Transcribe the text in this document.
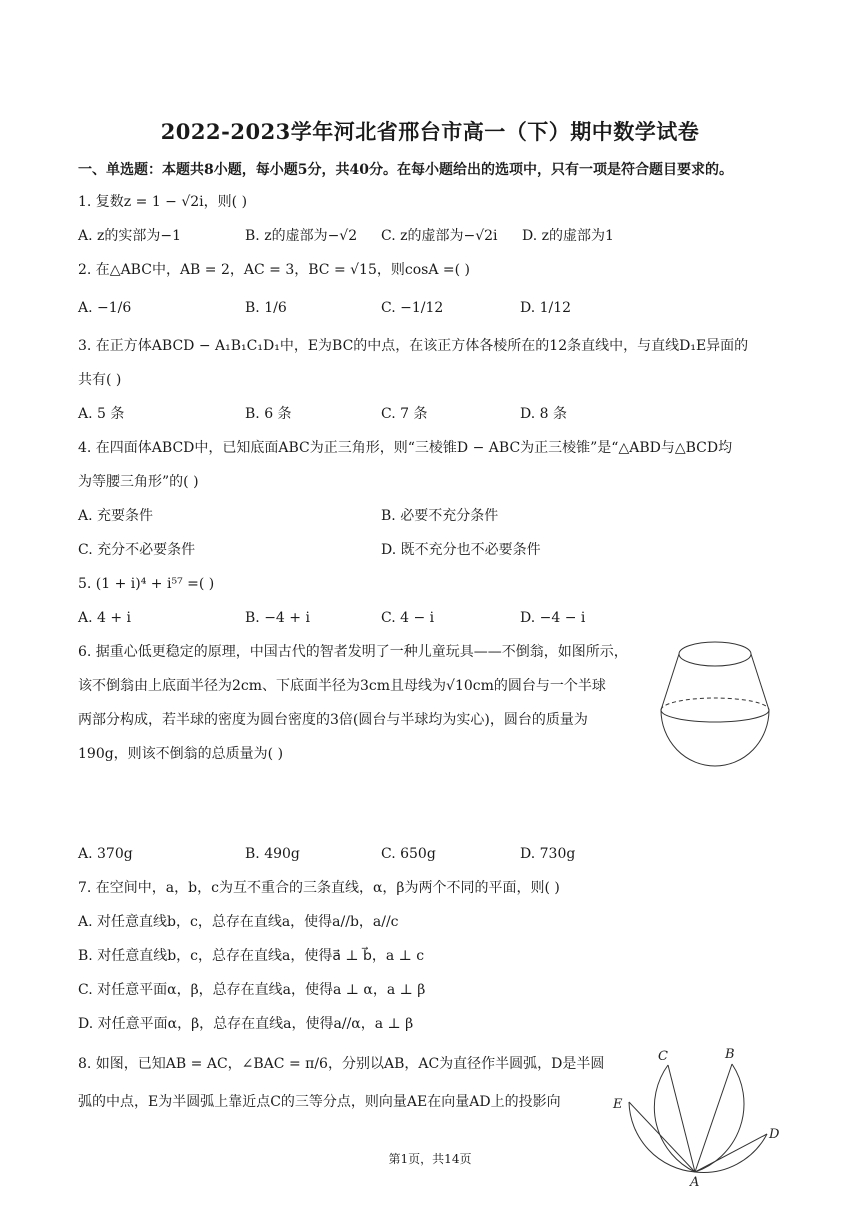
2022-2023学年河北省邢台市高一（下）期中数学试卷
一、单选题：本题共8小题，每小题5分，共40分。在每小题给出的选项中，只有一项是符合题目要求的。
1. 复数z = 1 − √2i，则( )
A. z的实部为−1	B. z的虚部为−√2 C. z的虚部为−√2i D. z的虚部为1
2. 在△ABC中，AB = 2，AC = 3，BC = √15，则cosA =( )
A. −1/6	B. 1/6	C. −1/12	D. 1/12
3. 在正方体ABCD − A₁B₁C₁D₁中，E为BC的中点，在该正方体各棱所在的12条直线中，与直线D₁E异面的
共有( )
A. 5 条	B. 6 条	C. 7 条	D. 8 条
4. 在四面体ABCD中，已知底面ABC为正三角形，则“三棱锥D − ABC为正三棱锥”是“△ABD与△BCD均
为等腰三角形”的( )
A. 充要条件	B. 必要不充分条件
C. 充分不必要条件	D. 既不充分也不必要条件
5. (1 + i)⁴ + i⁵⁷ =( )
A. 4 + i	B. −4 + i	C. 4 − i	D. −4 − i
6. 据重心低更稳定的原理，中国古代的智者发明了一种儿童玩具——不倒翁，如图所示，
该不倒翁由上底面半径为2cm、下底面半径为3cm且母线为√10cm的圆台与一个半球
两部分构成，若半球的密度为圆台密度的3倍(圆台与半球均为实心)，圆台的质量为
190g，则该不倒翁的总质量为( )
A. 370g	B. 490g	C. 650g	D. 730g
7. 在空间中，a，b，c为互不重合的三条直线，α，β为两个不同的平面，则( )
A. 对任意直线b，c，总存在直线a，使得a//b，a//c
B. 对任意直线b，c，总存在直线a，使得a⃗ ⊥ b⃗，a ⊥ c
C. 对任意平面α，β，总存在直线a，使得a ⊥ α，a ⊥ β
D. 对任意平面α，β，总存在直线a，使得a//α，a ⊥ β
8. 如图，已知AB = AC，∠BAC = π/6，分别以AB，AC为直径作半圆弧，D是半圆
弧的中点，E为半圆弧上靠近点C的三等分点，则向量AE在向量AD上的投影向
C	B
E
D
A
第1页，共14页
